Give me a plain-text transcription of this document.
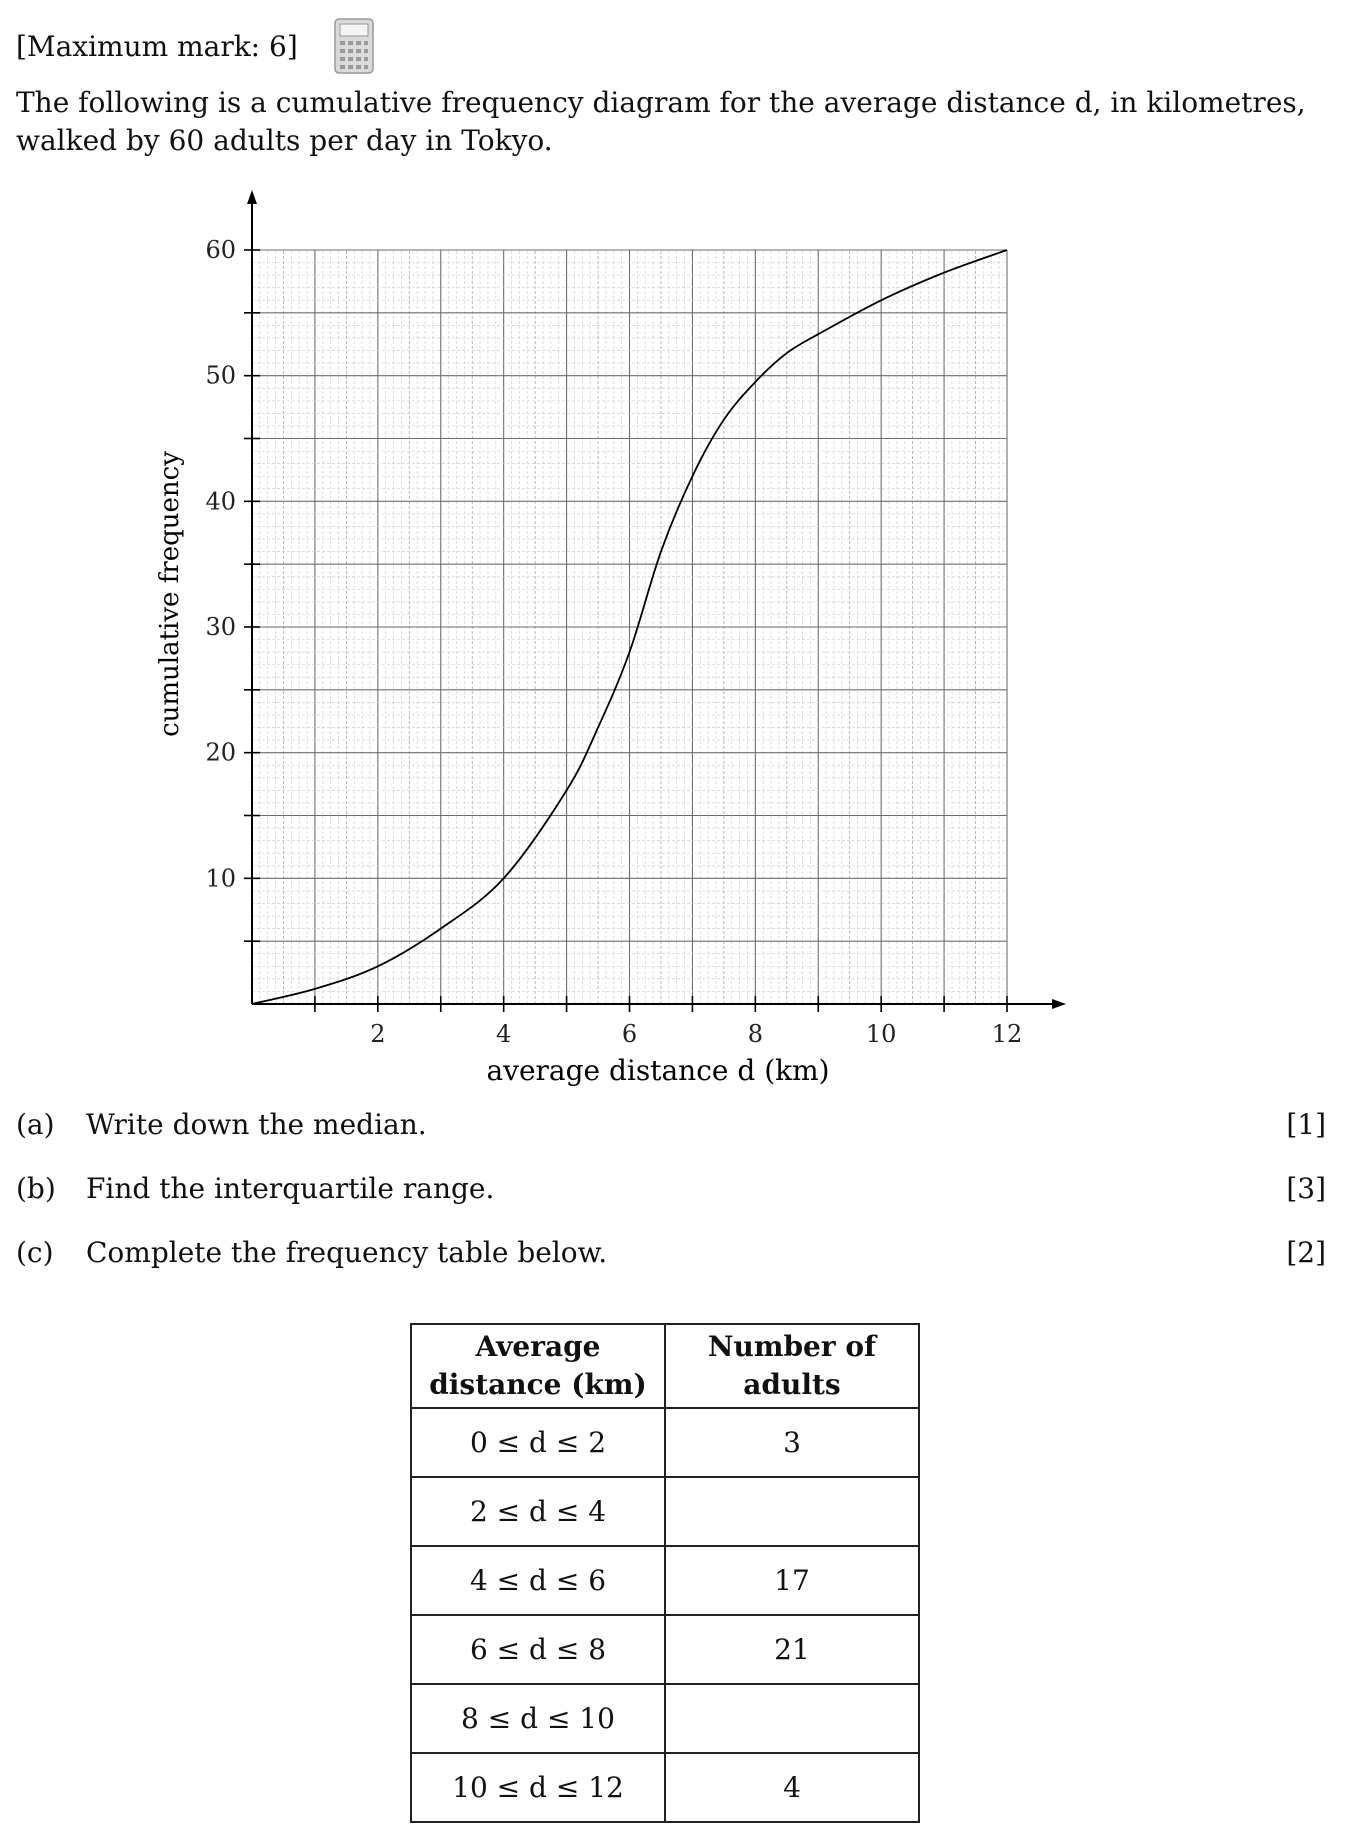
[Maximum mark: 6]

The following is a cumulative frequency diagram for the average distance d, in kilometres,

walked by 60 adults per day in Tokyo.

2	4	6	8	10	12
10
20
30
40
50
60
average distance d (km)
cumulative frequency
(a)	Write down the median.	[1]
(b)	Find the interquartile range.	[3]
(c)	Complete the frequency table below.	[2]
Average
distance (km)	Number of
adults

0 ≤ d ≤ 2	3
2 ≤ d ≤ 4	
4 ≤ d ≤ 6	17
6 ≤ d ≤ 8	21
8 ≤ d ≤ 10	
10 ≤ d ≤ 12	4
